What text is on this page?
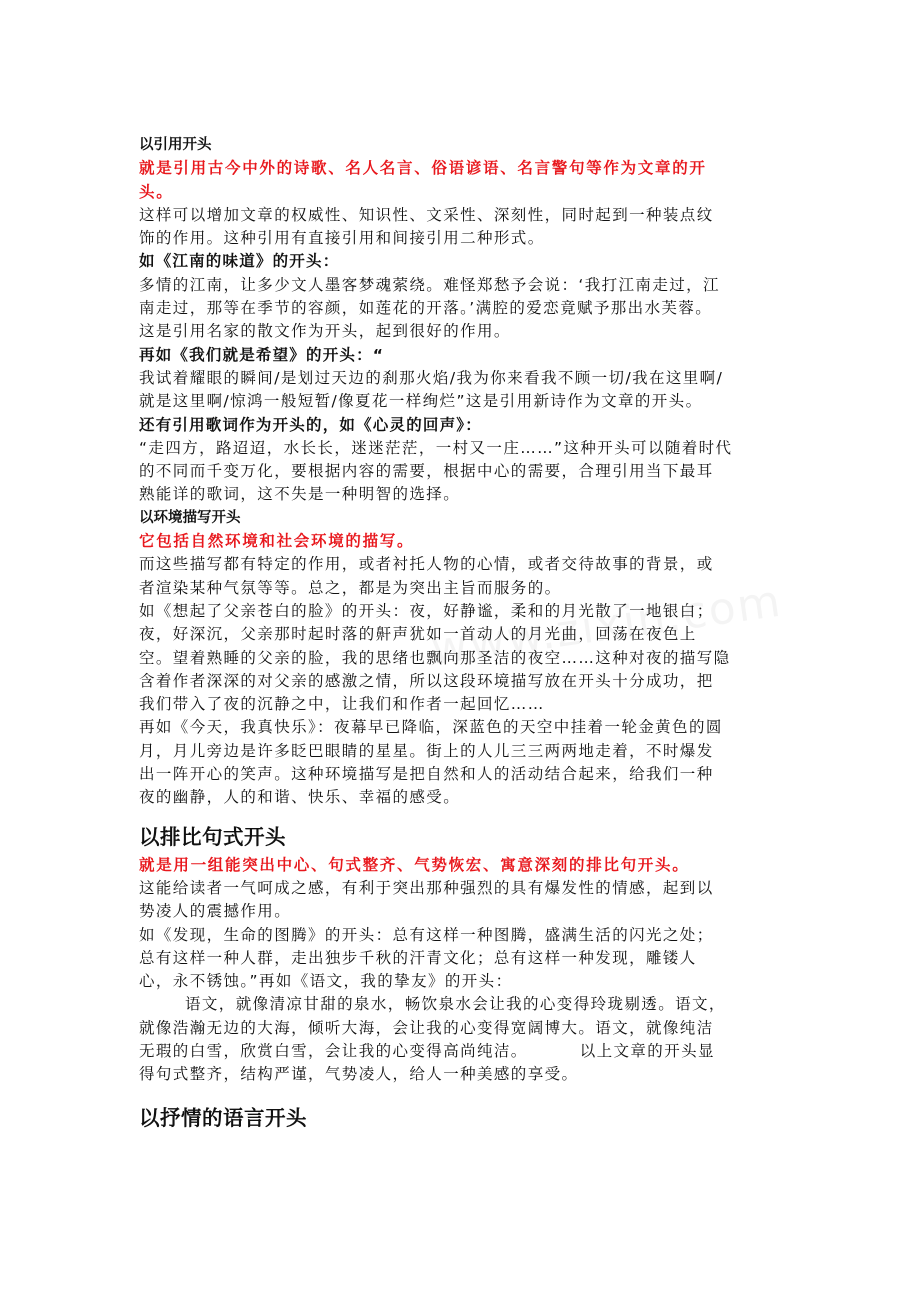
以引用开头
就是引用古今中外的诗歌、名人名言、俗语谚语、名言警句等作为文章的开
头。
这样可以增加文章的权威性、知识性、文采性、深刻性，同时起到一种装点纹
饰的作用。这种引用有直接引用和间接引用二种形式。
如《江南的味道》的开头：
多情的江南，让多少文人墨客梦魂萦绕。难怪郑愁予会说：‘我打江南走过，江
南走过，那等在季节的容颜，如莲花的开落。’满腔的爱恋竟赋予那出水芙蓉。
这是引用名家的散文作为开头，起到很好的作用。
再如《我们就是希望》的开头：“
我试着耀眼的瞬间/是划过天边的刹那火焰/我为你来看我不顾一切/我在这里啊/
就是这里啊/惊鸿一般短暂/像夏花一样绚烂”这是引用新诗作为文章的开头。
还有引用歌词作为开头的，如《心灵的回声》：
“走四方，路迢迢，水长长，迷迷茫茫，一村又一庄……”这种开头可以随着时代
的不同而千变万化，要根据内容的需要，根据中心的需要，合理引用当下最耳
熟能详的歌词，这不失是一种明智的选择。
以环境描写开头
它包括自然环境和社会环境的描写。
而这些描写都有特定的作用，或者衬托人物的心情，或者交待故事的背景，或
者渲染某种气氛等等。总之，都是为突出主旨而服务的。
如《想起了父亲苍白的脸》的开头：夜，好静谧，柔和的月光散了一地银白；
夜，好深沉，父亲那时起时落的鼾声犹如一首动人的月光曲，回荡在夜色上
空。望着熟睡的父亲的脸，我的思绪也飘向那圣洁的夜空……这种对夜的描写隐
含着作者深深的对父亲的感激之情，所以这段环境描写放在开头十分成功，把
我们带入了夜的沉静之中，让我们和作者一起回忆……
再如《今天，我真快乐》：夜幕早已降临，深蓝色的天空中挂着一轮金黄色的圆
月，月儿旁边是许多眨巴眼睛的星星。街上的人儿三三两两地走着，不时爆发
出一阵开心的笑声。这种环境描写是把自然和人的活动结合起来，给我们一种
夜的幽静，人的和谐、快乐、幸福的感受。
以排比句式开头
就是用一组能突出中心、句式整齐、气势恢宏、寓意深刻的排比句开头。
这能给读者一气呵成之感，有利于突出那种强烈的具有爆发性的情感，起到以
势凌人的震撼作用。
如《发现，生命的图腾》的开头：总有这样一种图腾，盛满生活的闪光之处；
总有这样一种人群，走出独步千秋的汗青文化；总有这样一种发现，雕镂人
心，永不锈蚀。”再如《语文，我的挚友》的开头：
语文，就像清凉甘甜的泉水，畅饮泉水会让我的心变得玲珑剔透。语文，
就像浩瀚无边的大海，倾听大海，会让我的心变得宽阔博大。语文，就像纯洁
无瑕的白雪，欣赏白雪，会让我的心变得高尚纯洁。	以上文章的开头显
得句式整齐，结构严谨，气势凌人，给人一种美感的享受。
以抒情的语言开头
